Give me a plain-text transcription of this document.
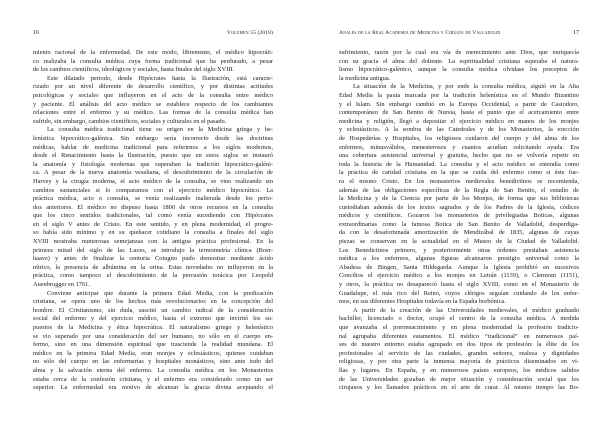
16	Volumen 55 (2018)
miento racional de la enfermedad. De este modo, libremente, el médico hipocráti-
co realizaba la consulta médica cuya forma tradicional que ha perdurado, a pesar
de los cambios científicos, ideológicos y sociales, hasta finales del siglo XVIII.
Este dilatado periodo, desde Hipócrates hasta la Ilustración, está caracte-
rizado por un nivel diferente de desarrollo científico, y por distintas actitudes
psicológicas y sociales que influyeron en el acto de la consulta entre médico
y paciente. El análisis del acto médico se establece respecto de los cambiantes
relaciones entre el enfermo y su médico. Las formas de la consulta médica han
sufrido, sin embargo, cambios científicos, sociales y culturales en el pasado.
La consulta médica tradicional tiene su origen en la Medicina griega y he-
lenística hipocrático-galénica. Sin embargo sería incorrecto desde las doctrinas
médicas, hablar de medicina tradicional para referirnos a los siglos modernos,
desde el Renacimiento hasta la Ilustración, puesto que en estos siglos se instauró
la anatomía y fisiología modernas que superaban la tradición hipocrático-galéni-
ca. A pesar de la nueva anatomía vesaliana, el descubrimiento de la circulación de
Harvey y la cirugía moderna, el acto médico de la consulta, se vino realizando sin
cambios sustanciales si lo comparamos con el ejercicio médico hipocrático. La
práctica médica, acto o consulta, se venía realizando inalterada desde los perio-
dos anteriores. El médico no dispuso hasta 1800 de otros recursos en la consulta
que los cinco sentidos tradicionales, tal como venía sucediendo con Hipócrates
en el siglo V antes de Cristo. En este sentido, y en plena modernidad, el progre-
so había sido mínimo y en su quehacer cotidiano la consulta a finales del siglo
XVIII mostraba numerosas semejanzas con la antigua práctica profesional. En la
primera mitad del siglo de las Luces, se introdujo la termometría clínica (Boer-
haave) y antes de finalizar la centuria Cotugno pudo demostrar mediante ácido
nítrico, la presencia de albúmina en la orina. Estas novedades no influyeron en la
práctica, como tampoco el descubrimiento de la percusión torácica por Leopold
Auenbrugger en 1761.
Conviene anticipar que durante la primera Edad Media, con la predicación
cristiana, se opera uno de los hechos más revolucionarios en la concepción del
hombre. El Cristianismo, sin duda, suscitó un cambio radical de la consideración
social del enfermo y del ejercicio médico, hasta el extremo que invirtió los su-
puestos de la Medicina y ética hipocrática. El naturalismo griego y helenístico
se vio superado por una consideración del ser humano, no sólo en el cuerpo en-
fermo, sino en una dimensión espiritual que trasciende la realidad mundana. El
médico en la primera Edad Media, eran monjes y eclesiásticos, quienes cuidaban
no sólo del cuerpo en las enfermerías y hospitales monásticos, sino ante todo del
alma y la salvación eterna del enfermo. La consulta médica en los Monasterios
estaba cerca de la confesión cristiana, y el enfermo era considerado como un ser
superior. La enfermedad era motivo de alcanzar la gracia divina aceptando el
Anales de la Real Academia de Medicina y Cirugía de Valladolid	17
sufrimiento, razón por la cual era vía de merecimiento ante Dios, que enriquecía
con su gracia el alma del doliente. La espiritualidad cristiana superaba el natura-
lismo hipocrático-galénico, aunque la consulta médica olvidase los preceptos de
la medicina antigua.
La situación de la Medicina, y por ende la consulta médica, siguió en la Alta
Edad Media la pauta marcada por la tradición helenística en el Mundo Bizantino
y el Islam. Sin embargo cambió en la Europa Occidental, a partir de Casiodoro,
contemporáneo de San Benito de Nursia, hasta el punto que el acercamiento entre
medicina y religión, llegó a depositar el ejercicio médico en manos de los monjes
y eclesiásticos. A la sombra de las Catedrales y de los Monasterios, la erección
de Hospederías y Hospitales, los religiosos cuidaron del cuerpo y del alma de los
enfermos, minusválidos, menesterosos y cuantos acudían solicitando ayuda. Era
una cobertura asistencial universal y gratuita, hecho que no se volvería repetir en
toda la historia de la Humanidad. La consulta y el acto médico se entendía como
la práctica de caridad cristiana en la que se cuida del enfermo como si éste fue-
ra el mismo Cristo. En los monasterios medievales benedictinos se recomienda,
además de las obligaciones específicas de la Regla de San Benito, el estudio de
la Medicina y de la Ciencia por parte de los Monjes, de forma que sus bibliotecas
custodiaban además de los textos sagrados y de los Padres de la Iglesia, códices
médicos y científicos. Gozaron los monasterios de privilegiadas Boticas, algunas
extraordinarias como la famosa Botica de San Benito de Valladolid, desperdiga-
da con la desafortunada amortización de Mendizábal de 1835, algunas de cuyas
piezas se conservan en la actualidad en el Museo de la Ciudad de Valladolid.
Los Benedictinos primero, y posteriormente otras órdenes prestaban asistencia
médica a los enfermos, algunas figuras alcanzaron prestigio universal como la
Abadesa de Bingen, Santa Hildegarda. Aunque la Iglesia prohibió en sucesivos
Concilios el ejercicio médico a los monjes en Letrán (1139), o Clermont (1151),
y otros, la práctica no desapareció hasta el siglo XVIII, como en el Monasterio de
Guadalupe, el más rico del Reino, cuyos clérigos seguían cuidando de los enfer-
mos, en sus diferentes Hospitales todavía en la España borbónica.
A partir de la creación de las Universidades medievales, el médico graduado
bachiller, licenciado o doctor, ocupó el centro de la consulta médica. A medida
que avanzaba el prerrenacimiento y en plena modernidad la profesión tradicio-
nal agrupaba diferentes estamentos. El médico “tradicional” en numerosos paí-
ses de nuestro entorno estaba agrupado en dos tipos de profesión: la élite de los
profesionales al servicio de las ciudades, grandes señores, realeza y dignidades
religiosas, y por otra parte la inmensa mayoría de prácticos diseminados en vi-
llas y lugares. En España, y en numerosos países europeos, los médicos salidos
de las Universidades gozaban de mejor situación y consideración social que los
cirujanos y los llamados prácticos en el arte de curar. Al mismo tiempo las Bo-
